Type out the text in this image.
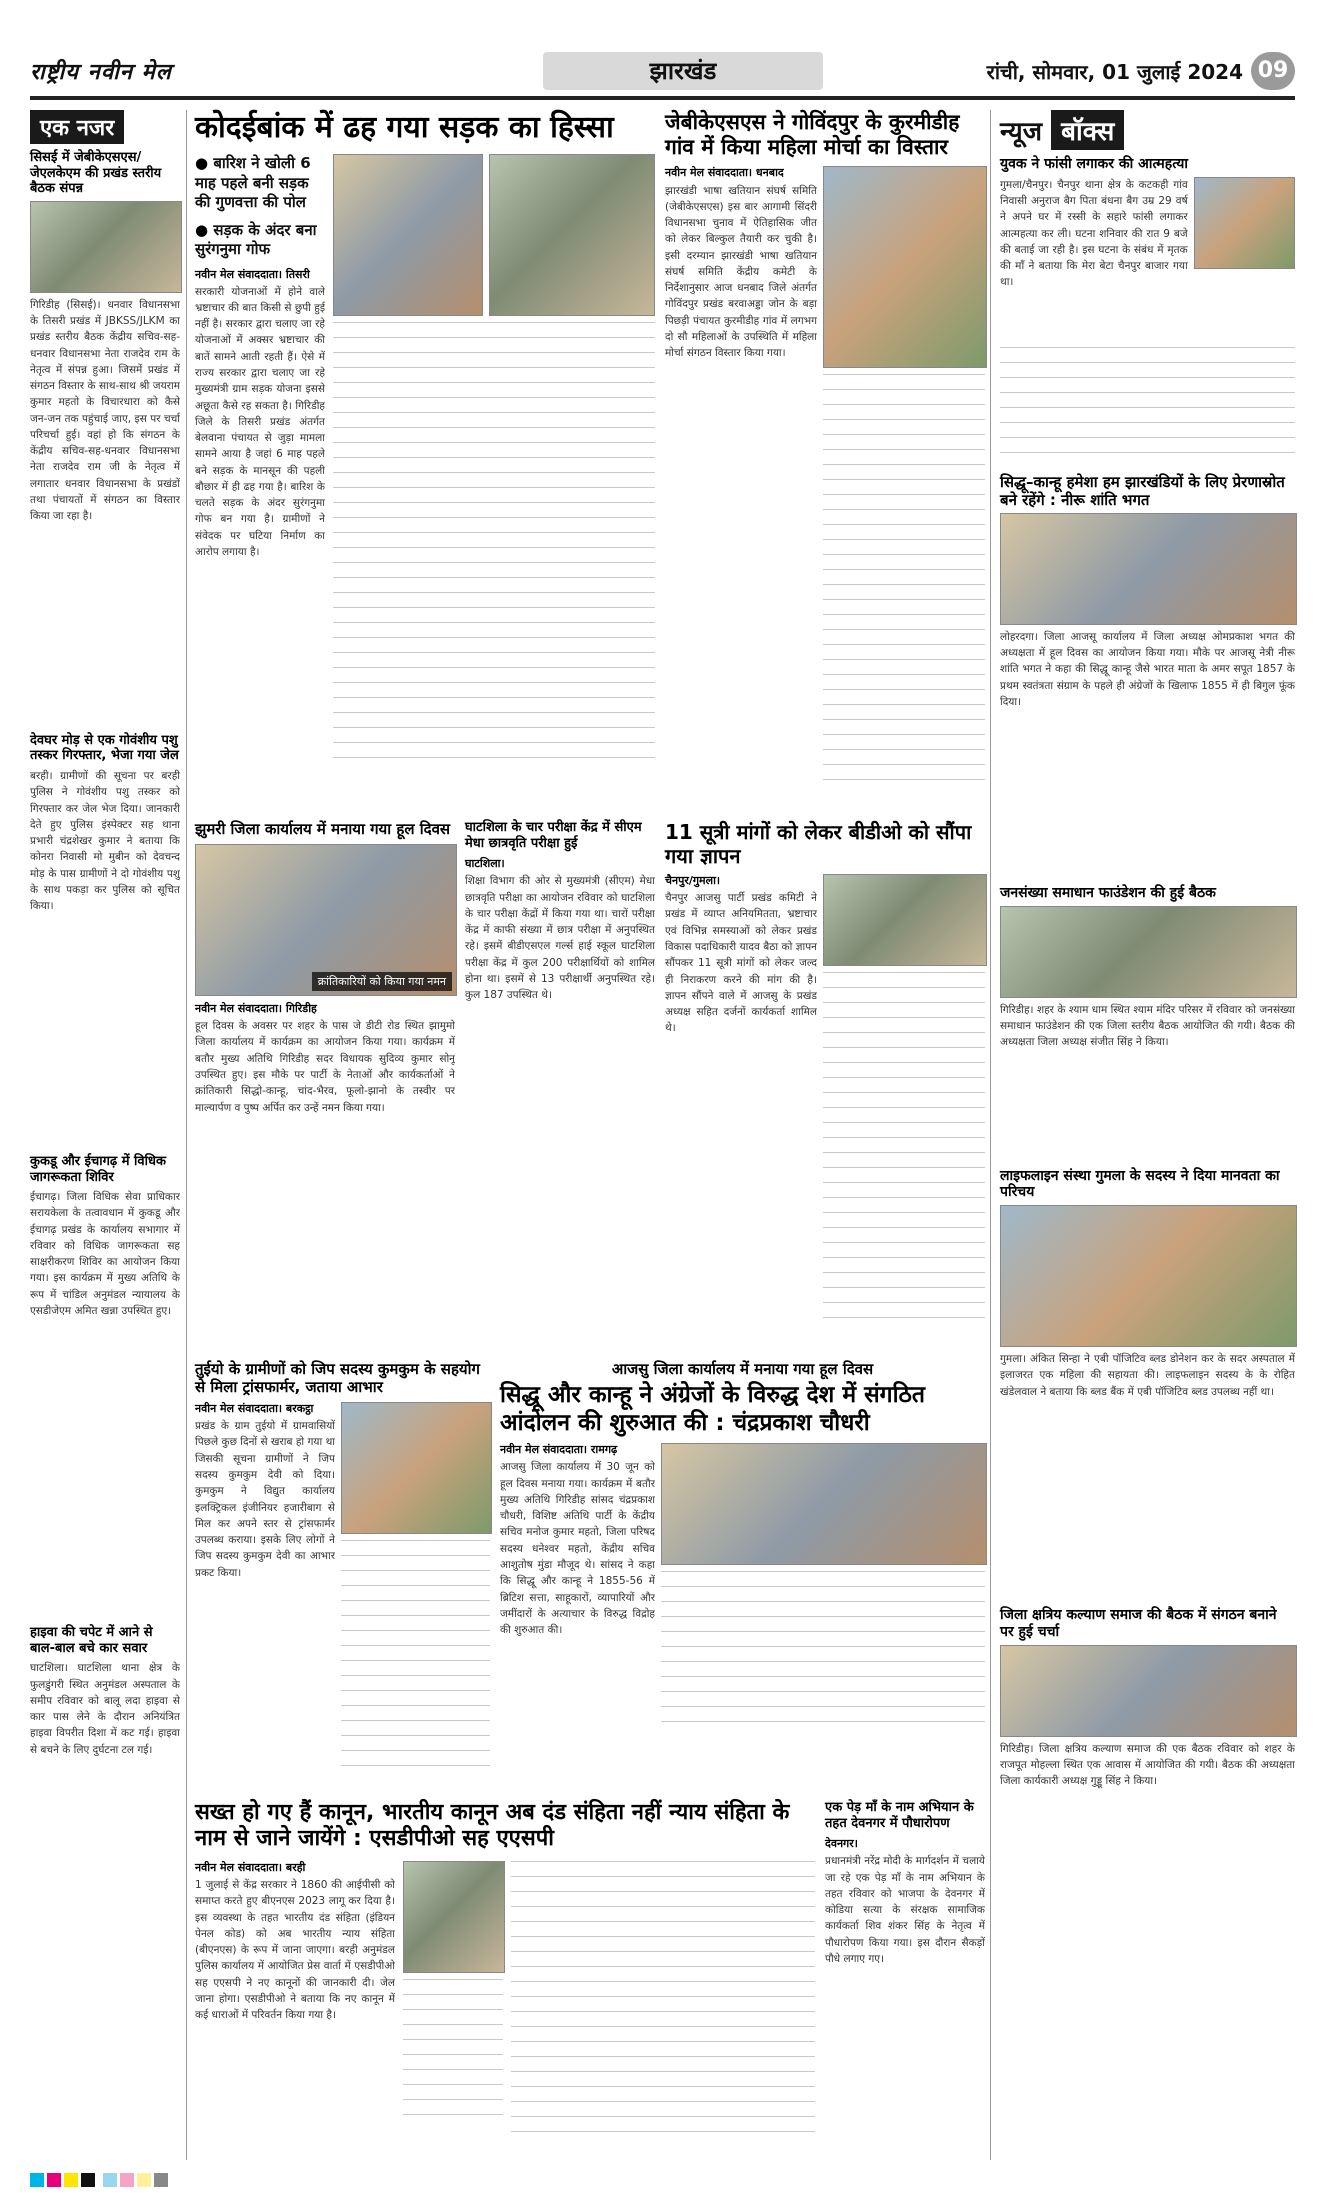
राष्ट्रीय नवीन मेल	झारखंड	रांची, सोमवार, 01 जुलाई 2024 09
एक नजर
सिसई में जेबीकेएसएस/जेएलकेएम की प्रखंड स्तरीय बैठक संपन्न
गिरिडीह (सिसई)। धनवार विधानसभा के तिसरी प्रखंड में JBKSS/JLKM का प्रखंड स्तरीय बैठक केंद्रीय सचिव-सह- धनवार विधानसभा नेता राजदेव राम के नेतृत्व में संपन्न हुआ। जिसमें प्रखंड में संगठन विस्तार के साथ-साथ श्री जयराम कुमार महतो के विचारधारा को कैसे जन-जन तक पहुंचाई जाए, इस पर चर्चा परिचर्चा हुई। वहां हो कि संगठन के केंद्रीय सचिव-सह-धनवार विधानसभा नेता राजदेव राम जी के नेतृत्व में लगातार धनवार विधानसभा के प्रखंडों तथा पंचायतों में संगठन का विस्तार किया जा रहा है।
देवघर मोड़ से एक गोवंशीय पशु तस्कर गिरफ्तार, भेजा गया जेल
बरही। ग्रामीणों की सूचना पर बरही पुलिस ने गोवंशीय पशु तस्कर को गिरफ्तार कर जेल भेज दिया। जानकारी देते हुए पुलिस इंस्पेक्टर सह थाना प्रभारी चंद्रशेखर कुमार ने बताया कि कोनरा निवासी मो मुबीन को देवचन्द मोड़ के पास ग्रामीणों ने दो गोवंशीय पशु के साथ पकड़ा कर पुलिस को सूचित किया।
कुकडू और ईचागढ़ में विधिक जागरूकता शिविर
ईचागढ़। जिला विधिक सेवा प्राधिकार सरायकेला के तत्वावधान में कुकडू और ईचागढ़ प्रखंड के कार्यालय सभागार में रविवार को विधिक जागरूकता सह साक्षरीकरण शिविर का आयोजन किया गया। इस कार्यक्रम में मुख्य अतिथि के रूप में चांडिल अनुमंडल न्यायालय के एसडीजेएम अमित खन्ना उपस्थित हुए।
हाइवा की चपेट में आने से बाल-बाल बचे कार सवार
घाटशिला। घाटशिला थाना क्षेत्र के फुलडुंगरी स्थित अनुमंडल अस्पताल के समीप रविवार को बालू लदा हाइवा से कार पास लेने के दौरान अनियंत्रित हाइवा विपरीत दिशा में कट गई। हाइवा से बचने के लिए दुर्घटना टल गई।
कोदईबांक में ढह गया सड़क का हिस्सा
● बारिश ने खोली 6 माह पहले बनी सड़क की गुणवत्ता की पोल
● सड़क के अंदर बना सुरंगनुमा गोफ
नवीन मेल संवाददाता। तिसरी
सरकारी योजनाओं में होने वाले भ्रष्टाचार की बात किसी से छुपी हुई नहीं है। सरकार द्वारा चलाए जा रहे योजनाओं में अक्सर भ्रष्टाचार की बातें सामने आती रहती हैं। ऐसे में राज्य सरकार द्वारा चलाए जा रहे मुख्यमंत्री ग्राम सड़क योजना इससे अछूता कैसे रह सकता है। गिरिडीह जिले के तिसरी प्रखंड अंतर्गत बेलवाना पंचायत से जुड़ा मामला सामने आया है जहां 6 माह पहले बने सड़क के मानसून की पहली बौछार में ही ढह गया है। बारिश के चलते सड़क के अंदर सुरंगनुमा गोफ बन गया है। ग्रामीणों ने संवेदक पर घटिया निर्माण का आरोप लगाया है।
जेबीकेएसएस ने गोविंदपुर के कुरमीडीह गांव में किया महिला मोर्चा का विस्तार
नवीन मेल संवाददाता। धनबाद
झारखंडी भाषा खतियान संघर्ष समिति (जेबीकेएसएस) इस बार आगामी सिंदरी विधानसभा चुनाव में ऐतिहासिक जीत को लेकर बिल्कुल तैयारी कर चुकी है। इसी दरम्यान झारखंडी भाषा खतियान संघर्ष समिति केंद्रीय कमेटी के निर्देशानुसार आज धनबाद जिले अंतर्गत गोविंदपुर प्रखंड बरवाअड्डा जोन के बड़ा पिछड़ी पंचायत कुरमीडीह गांव में लगभग दो सौ महिलाओं के उपस्थिति में महिला मोर्चा संगठन विस्तार किया गया।
झुमरी जिला कार्यालय में मनाया गया हूल दिवस
क्रांतिकारियों को किया गया नमन
नवीन मेल संवाददाता। गिरिडीह
हूल दिवस के अवसर पर शहर के पास जे डीटी रोड स्थित झामुमो जिला कार्यालय में कार्यक्रम का आयोजन किया गया। कार्यक्रम में बतौर मुख्य अतिथि गिरिडीह सदर विधायक सुदिव्य कुमार सोनू उपस्थित हुए। इस मौके पर पार्टी के नेताओं और कार्यकर्ताओं ने क्रांतिकारी सिद्धो-कान्हू, चांद-भैरव, फूलो-झानो के तस्वीर पर माल्यार्पण व पुष्प अर्पित कर उन्हें नमन किया गया।
घाटशिला के चार परीक्षा केंद्र में सीएम मेधा छात्रवृति परीक्षा हुई
घाटशिला।
शिक्षा विभाग की ओर से मुख्यमंत्री (सीएम) मेधा छात्रवृति परीक्षा का आयोजन रविवार को घाटशिला के चार परीक्षा केंद्रों में किया गया था। चारों परीक्षा केंद्र में काफी संख्या में छात्र परीक्षा में अनुपस्थित रहे। इसमें बीडीएसएल गर्ल्स हाई स्कूल घाटशिला परीक्षा केंद्र में कुल 200 परीक्षार्थियों को शामिल होना था। इसमें से 13 परीक्षार्थी अनुपस्थित रहे। कुल 187 उपस्थित थे।
11 सूत्री मांगों को लेकर बीडीओ को सौंपा गया ज्ञापन
चैनपुर/गुमला।
चैनपुर आजसु पार्टी प्रखंड कमिटी ने प्रखंड में व्याप्त अनियमितता, भ्रष्टाचार एवं विभिन्न समस्याओं को लेकर प्रखंड विकास पदाधिकारी यादव बैठा को ज्ञापन सौंपकर 11 सूत्री मांगों को लेकर जल्द ही निराकरण करने की मांग की है। ज्ञापन सौंपने वाले में आजसु के प्रखंड अध्यक्ष सहित दर्जनों कार्यकर्ता शामिल थे।
तुईयो के ग्रामीणों को जिप सदस्य कुमकुम के सहयोग से मिला ट्रांसफार्मर, जताया आभार
नवीन मेल संवाददाता। बरकट्ठा
प्रखंड के ग्राम तुईयो में ग्रामवासियों पिछले कुछ दिनों से खराब हो गया था जिसकी सूचना ग्रामीणों ने जिप सदस्य कुमकुम देवी को दिया। कुमकुम ने विद्युत कार्यालय इलक्ट्रिकल इंजीनियर हजारीबाग से मिल कर अपने स्तर से ट्रांसफार्मर उपलब्ध कराया। इसके लिए लोगों ने जिप सदस्य कुमकुम देवी का आभार प्रकट किया।
आजसु जिला कार्यालय में मनाया गया हूल दिवस
सिद्धू और कान्हू ने अंग्रेजों के विरुद्ध देश में संगठित आंदोलन की शुरुआत की : चंद्रप्रकाश चौधरी
नवीन मेल संवाददाता। रामगढ़
आजसु जिला कार्यालय में 30 जून को हूल दिवस मनाया गया। कार्यक्रम में बतौर मुख्य अतिथि गिरिडीह सांसद चंद्रप्रकाश चौधरी, विशिष्ट अतिथि पार्टी के केंद्रीय सचिव मनोज कुमार महतो, जिला परिषद सदस्य धनेश्वर महतो, केंद्रीय सचिव आशुतोष मुंडा मौजूद थे। सांसद ने कहा कि सिद्धू और कान्हू ने 1855-56 में ब्रिटिश सत्ता, साहूकारों, व्यापारियों और जमींदारों के अत्याचार के विरुद्ध विद्रोह की शुरुआत की।
सख्त हो गए हैं कानून, भारतीय कानून अब दंड संहिता नहीं न्याय संहिता के नाम से जाने जायेंगे : एसडीपीओ सह एएसपी
नवीन मेल संवाददाता। बरही
1 जुलाई से केंद्र सरकार ने 1860 की आईपीसी को समाप्त करते हुए बीएनएस 2023 लागू कर दिया है। इस व्यवस्था के तहत भारतीय दंड संहिता (इंडियन पेनल कोड) को अब भारतीय न्याय संहिता (बीएनएस) के रूप में जाना जाएगा। बरही अनुमंडल पुलिस कार्यालय में आयोजित प्रेस वार्ता में एसडीपीओ सह एएसपी ने नए कानूनों की जानकारी दी। जेल जाना होगा। एसडीपीओ ने बताया कि नए कानून में कई धाराओं में परिवर्तन किया गया है।
एक पेड़ माँ के नाम अभियान के तहत देवनगर में पौधारोपण
देवनगर।
प्रधानमंत्री नरेंद्र मोदी के मार्गदर्शन में चलाये जा रहे एक पेड़ माँ के नाम अभियान के तहत रविवार को भाजपा के देवनगर में कोडिया सत्या के संरक्षक सामाजिक कार्यकर्ता शिव शंकर सिंह के नेतृत्व में पौधारोपण किया गया। इस दौरान सैकड़ों पौधे लगाए गए।
न्यूज बॉक्स
युवक ने फांसी लगाकर की आत्महत्या
गुमला/चैनपुर। चैनपुर थाना क्षेत्र के कटकही गांव निवासी अनुराज बैग पिता बंधना बैग उम्र 29 वर्ष ने अपने घर में रस्सी के सहारे फांसी लगाकर आत्महत्या कर ली। घटना शनिवार की रात 9 बजे की बताई जा रही है। इस घटना के संबंध में मृतक की माँ ने बताया कि मेरा बेटा चैनपुर बाजार गया था।
सिद्धू–कान्हू हमेशा हम झारखंडियों के लिए प्रेरणास्रोत बने रहेंगे : नीरू शांति भगत
लोहरदगा। जिला आजसू कार्यालय में जिला अध्यक्ष ओमप्रकाश भगत की अध्यक्षता में हूल दिवस का आयोजन किया गया। मौके पर आजसू नेत्री नीरू शांति भगत ने कहा की सिद्धू कान्हू जैसे भारत माता के अमर सपूत 1857 के प्रथम स्वतंत्रता संग्राम के पहले ही अंग्रेजों के खिलाफ 1855 में ही बिगुल फूंक दिया।
जनसंख्या समाधान फाउंडेशन की हुई बैठक
गिरिडीह। शहर के श्याम धाम स्थित श्याम मंदिर परिसर में रविवार को जनसंख्या समाधान फाउंडेशन की एक जिला स्तरीय बैठक आयोजित की गयी। बैठक की अध्यक्षता जिला अध्यक्ष संजीत सिंह ने किया।
लाइफलाइन संस्था गुमला के सदस्य ने दिया मानवता का परिचय
गुमला। अंकित सिन्हा ने एबी पॉजिटिव ब्लड डोनेशन कर के सदर अस्पताल में इलाजरत एक महिला की सहायता की। लाइफलाइन सदस्य के के रोहित खंडेलवाल ने बताया कि ब्लड बैंक में एबी पॉजिटिव ब्लड उपलब्ध नहीं था।
जिला क्षत्रिय कल्याण समाज की बैठक में संगठन बनाने पर हुई चर्चा
गिरिडीह। जिला क्षत्रिय कल्याण समाज की एक बैठक रविवार को शहर के राजपूत मोहल्ला स्थित एक आवास में आयोजित की गयी। बैठक की अध्यक्षता जिला कार्यकारी अध्यक्ष गुड्डू सिंह ने किया।
